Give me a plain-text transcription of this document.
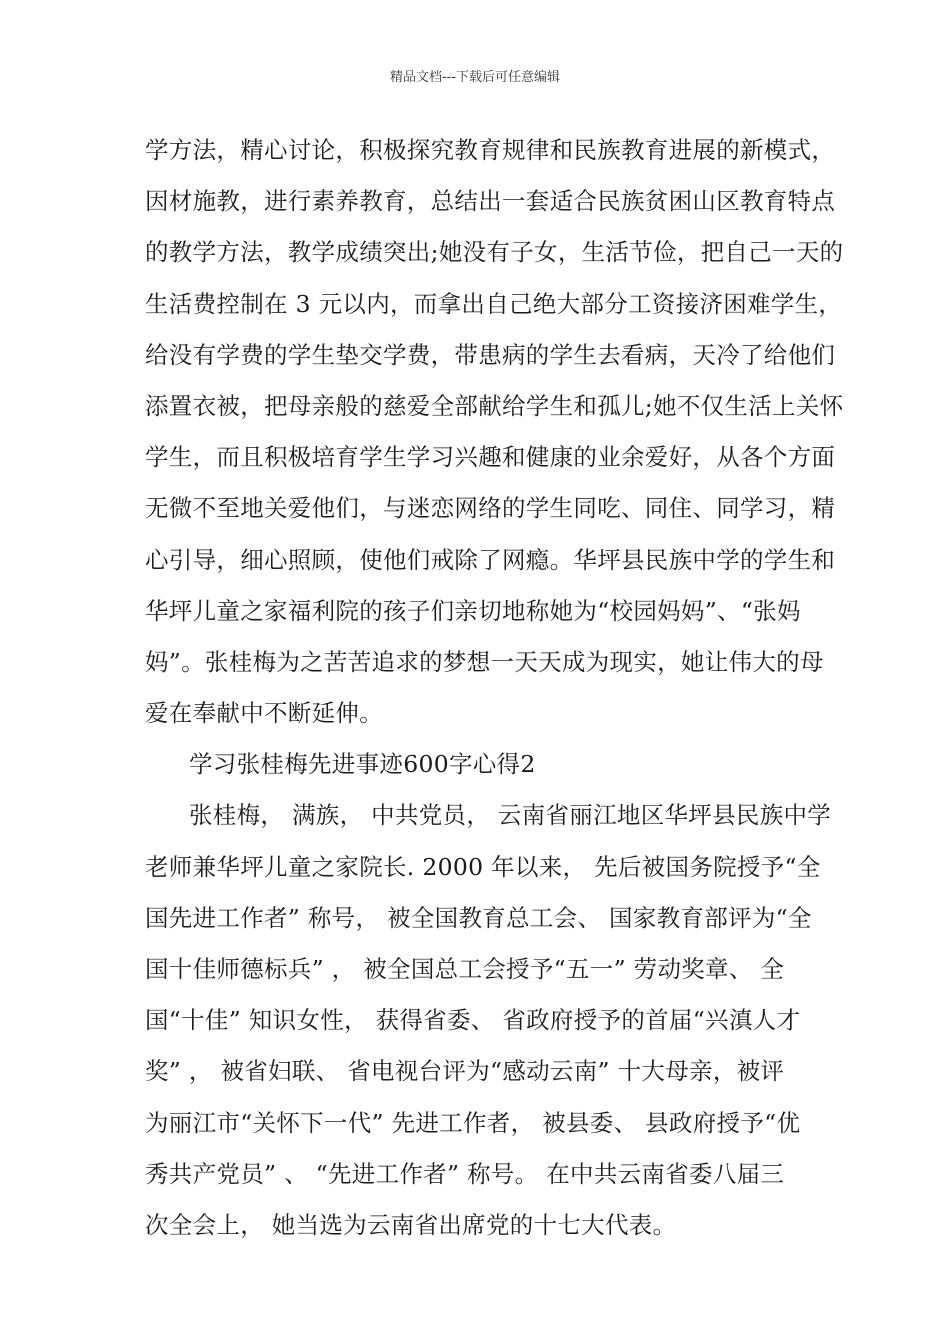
精品文档---下载后可任意编辑
学方法，精心讨论，积极探究教育规律和民族教育进展的新模式，
因材施教，进行素养教育，总结出一套适合民族贫困山区教育特点
的教学方法，教学成绩突出;她没有子女，生活节俭，把自己一天的
生活费控制在 3 元以内，而拿出自己绝大部分工资接济困难学生，
给没有学费的学生垫交学费，带患病的学生去看病，天冷了给他们
添置衣被，把母亲般的慈爱全部献给学生和孤儿;她不仅生活上关怀
学生，而且积极培育学生学习兴趣和健康的业余爱好，从各个方面
无微不至地关爱他们，与迷恋网络的学生同吃、同住、同学习，精
心引导，细心照顾，使他们戒除了网瘾。华坪县民族中学的学生和
华坪儿童之家福利院的孩子们亲切地称她为“校园妈妈”、“张妈
妈”。张桂梅为之苦苦追求的梦想一天天成为现实，她让伟大的母
爱在奉献中不断延伸。
学习张桂梅先进事迹600字心得2
张桂梅， 满族， 中共党员， 云南省丽江地区华坪县民族中学
老师兼华坪儿童之家院长. 2000 年以来， 先后被国务院授予“全
国先进工作者” 称号， 被全国教育总工会、 国家教育部评为“全
国十佳师德标兵” ， 被全国总工会授予“五一” 劳动奖章、 全
国“十佳” 知识女性， 获得省委、 省政府授予的首届“兴滇人才
奖” ， 被省妇联、 省电视台评为“感动云南” 十大母亲，被评
为丽江市“关怀下一代” 先进工作者， 被县委、 县政府授予“优
秀共产党员” 、 “先进工作者” 称号。 在中共云南省委八届三
次全会上， 她当选为云南省出席党的十七大代表。
